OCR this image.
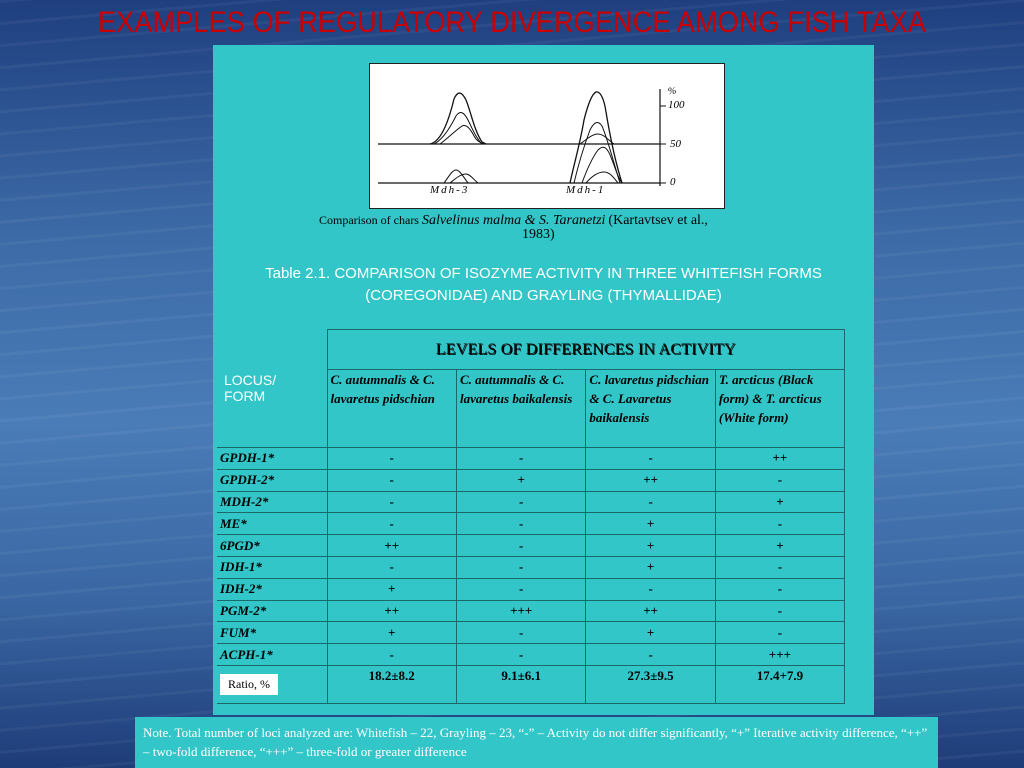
EXAMPLES OF REGULATORY DIVERGENCE AMONG FISH TAXA
%
100
50
0
Mdh-3	Mdh-1
Comparison of chars Salvelinus malma & S. Taranetzi (Kartavtsev et al.,
1983)
Table 2.1. COMPARISON OF ISOZYME ACTIVITY IN THREE WHITEFISH FORMS (COREGONIDAE) AND GRAYLING (THYMALLIDAE)
LOCUS/ FORM	LEVELS OF DIFFERENCES IN ACTIVITY			
	C. autumnalis & C. lavaretus pidschian	C. autumnalis & C. lavaretus baikalensis	C. lavaretus pidschian & C. Lavaretus baikalensis	T. arcticus (Black form) & T. arcticus (White form)
GPDH-1*	-	-	-	++
GPDH-2*	-	+	++	-
MDH-2*	-	-	-	+
ME*	-	-	+	-
6PGD*	++	-	+	+
IDH-1*	-	-	+	-
IDH-2*	+	-	-	-
PGM-2*	++	+++	++	-
FUM*	+	-	+	-
ACPH-1*	-	-	-	+++
Ratio, %	18.2±8.2	9.1±6.1	27.3±9.5	17.4+7.9
Note. Total number of loci analyzed are: Whitefish – 22, Grayling – 23, “-” – Activity do not differ significantly, “+” Iterative activity difference, “++” – two-fold difference, “+++” – three-fold or greater difference
